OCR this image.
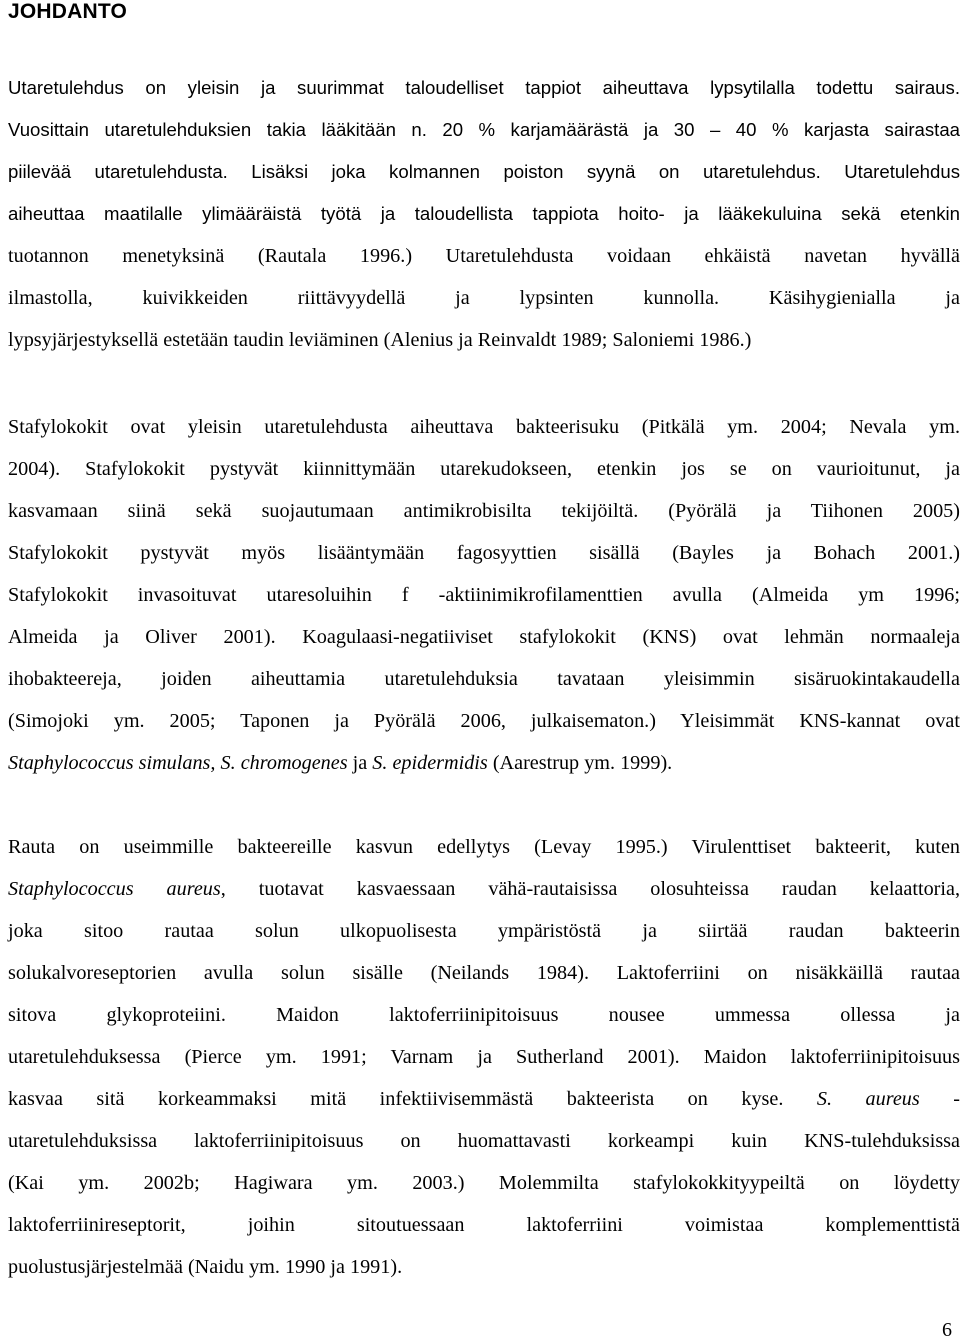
JOHDANTO

Utaretulehdus on yleisin ja suurimmat taloudelliset tappiot aiheuttava lypsytilalla todettu sairaus.
Vuosittain utaretulehduksien takia lääkitään n. 20 % karjamäärästä ja 30 – 40 % karjasta sairastaa
piilevää utaretulehdusta. Lisäksi joka kolmannen poiston syynä on utaretulehdus. Utaretulehdus
aiheuttaa maatilalle ylimääräistä työtä ja taloudellista tappiota hoito- ja lääkekuluina sekä etenkin
tuotannon menetyksinä (Rautala 1996.) Utaretulehdusta voidaan ehkäistä navetan hyvällä
ilmastolla, kuivikkeiden riittävyydellä ja lypsinten kunnolla. Käsihygienialla ja
lypsyjärjestyksellä estetään taudin leviäminen (Alenius ja Reinvaldt 1989; Saloniemi 1986.)

Stafylokokit ovat yleisin utaretulehdusta aiheuttava bakteerisuku (Pitkälä ym. 2004; Nevala ym.
2004). Stafylokokit pystyvät kiinnittymään utarekudokseen, etenkin jos se on vaurioitunut, ja
kasvamaan siinä sekä suojautumaan antimikrobisilta tekijöiltä. (Pyörälä ja Tiihonen 2005)
Stafylokokit pystyvät myös lisääntymään fagosyyttien sisällä (Bayles ja Bohach 2001.)
Stafylokokit invasoituvat utaresoluihin f -aktiinimikrofilamenttien avulla (Almeida ym 1996;
Almeida ja Oliver 2001). Koagulaasi-negatiiviset stafylokokit (KNS) ovat lehmän normaaleja
ihobakteereja, joiden aiheuttamia utaretulehduksia tavataan yleisimmin sisäruokintakaudella
(Simojoki ym. 2005; Taponen ja Pyörälä 2006, julkaisematon.) Yleisimmät KNS-kannat ovat
Staphylococcus simulans, S. chromogenes ja S. epidermidis (Aarestrup ym. 1999).

Rauta on useimmille bakteereille kasvun edellytys (Levay 1995.) Virulenttiset bakteerit, kuten
Staphylococcus aureus, tuotavat kasvaessaan vähä-rautaisissa olosuhteissa raudan kelaattoria,
joka sitoo rautaa solun ulkopuolisesta ympäristöstä ja siirtää raudan bakteerin
solukalvoreseptorien avulla solun sisälle (Neilands 1984). Laktoferriini on nisäkkäillä rautaa
sitova glykoproteiini. Maidon laktoferriinipitoisuus nousee ummessa ollessa ja
utaretulehduksessa (Pierce ym. 1991; Varnam ja Sutherland 2001). Maidon laktoferriinipitoisuus
kasvaa sitä korkeammaksi mitä infektiivisemmästä bakteerista on kyse. S. aureus -
utaretulehduksissa laktoferriinipitoisuus on huomattavasti korkeampi kuin KNS-tulehduksissa
(Kai ym. 2002b; Hagiwara ym. 2003.) Molemmilta stafylokokkityypeiltä on löydetty
laktoferriinireseptorit, joihin sitoutuessaan laktoferriini voimistaa komplementtistä
puolustusjärjestelmää (Naidu ym. 1990 ja 1991).

6
